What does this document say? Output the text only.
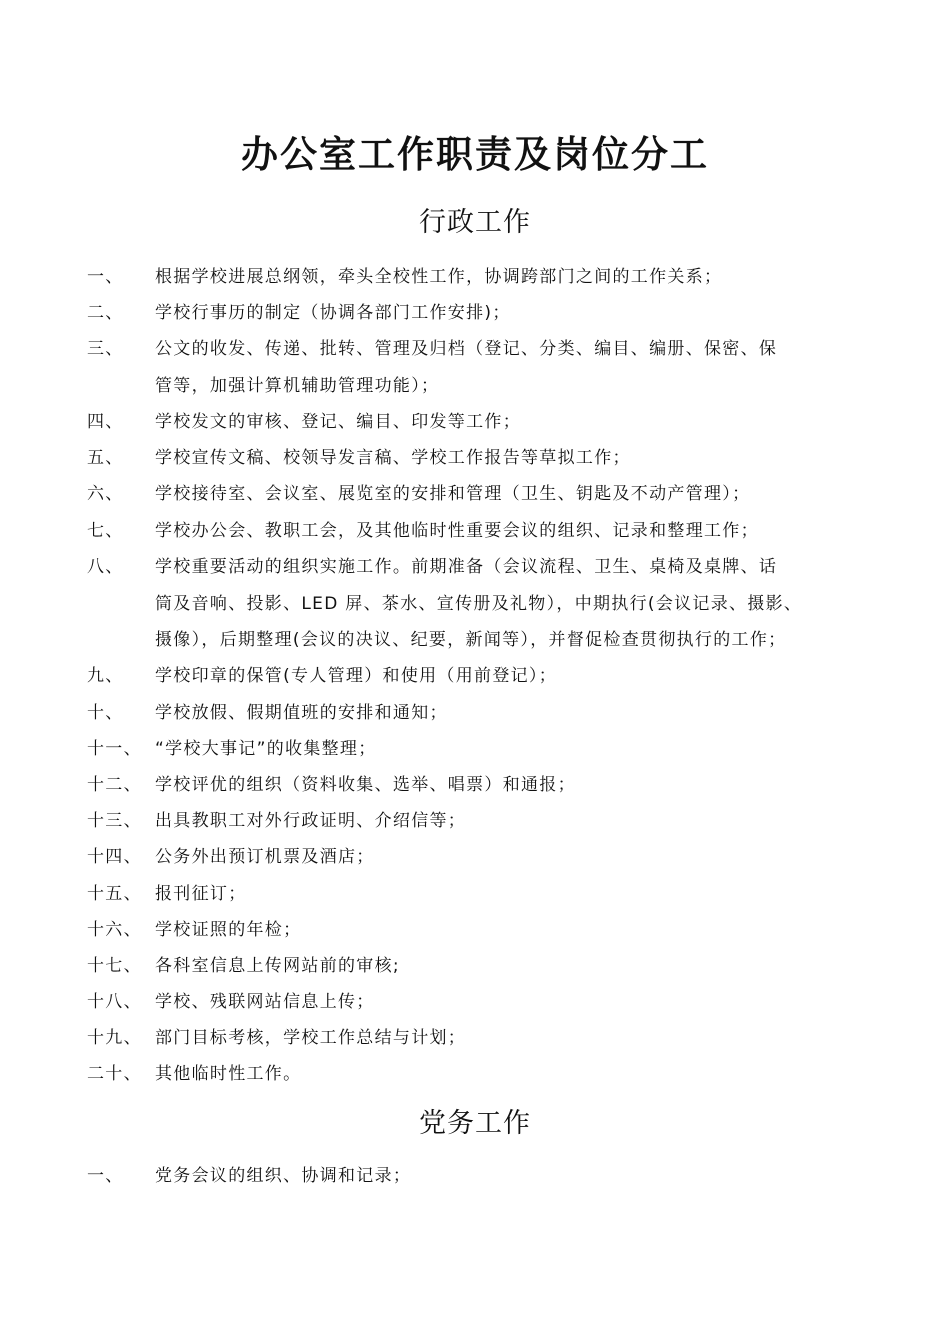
办公室工作职责及岗位分工
行政工作
一、	根据学校进展总纲领，牵头全校性工作，协调跨部门之间的工作关系；
二、	学校行事历的制定（协调各部门工作安排)；
三、	公文的收发、传递、批转、管理及归档（登记、分类、编目、编册、保密、保
管等，加强计算机辅助管理功能）；
四、	学校发文的审核、登记、编目、印发等工作；
五、	学校宣传文稿、校领导发言稿、学校工作报告等草拟工作；
六、	学校接待室、会议室、展览室的安排和管理（卫生、钥匙及不动产管理）；
七、	学校办公会、教职工会，及其他临时性重要会议的组织、记录和整理工作；
八、	学校重要活动的组织实施工作。前期准备（会议流程、卫生、桌椅及桌牌、话
筒及音响、投影、LED 屏、茶水、宣传册及礼物），中期执行(会议记录、摄影、
摄像），后期整理(会议的决议、纪要，新闻等），并督促检查贯彻执行的工作；
九、	学校印章的保管(专人管理）和使用（用前登记）；
十、	学校放假、假期值班的安排和通知；
十一、 “学校大事记”的收集整理；
十二、 学校评优的组织（资料收集、选举、唱票）和通报；
十三、 出具教职工对外行政证明、介绍信等；
十四、 公务外出预订机票及酒店；
十五、 报刊征订；
十六、 学校证照的年检；
十七、 各科室信息上传网站前的审核;
十八、 学校、残联网站信息上传；
十九、 部门目标考核，学校工作总结与计划；
二十、 其他临时性工作。
党务工作
一、	党务会议的组织、协调和记录；
